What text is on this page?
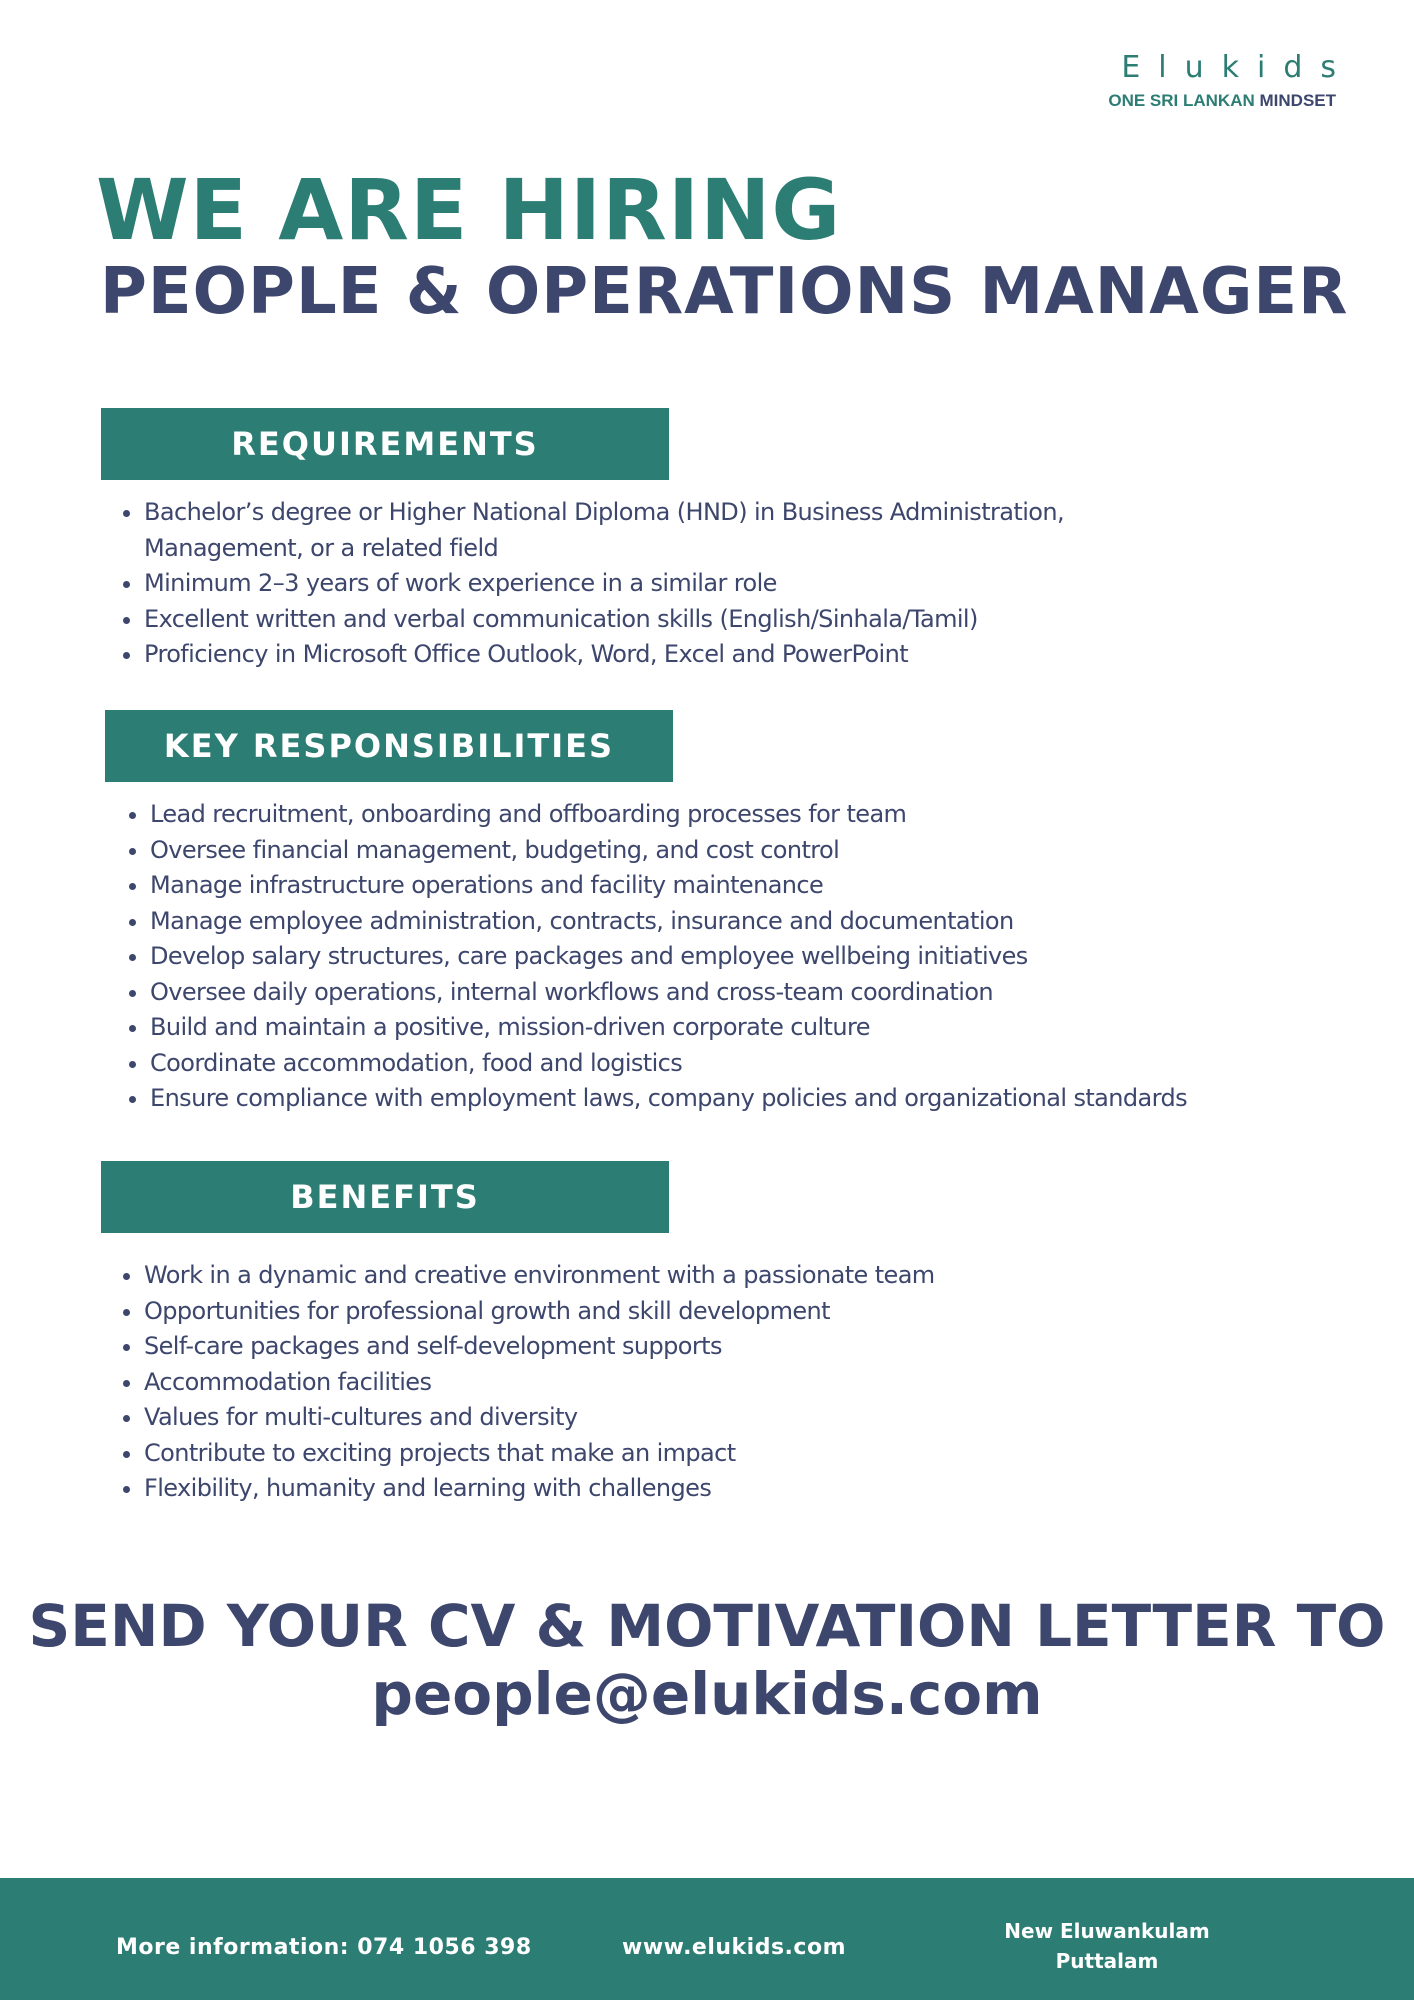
Elukids
ONE SRI LANKAN MINDSET
WE ARE HIRING
PEOPLE & OPERATIONS MANAGER
REQUIREMENTS
• Bachelor’s degree or Higher National Diploma (HND) in Business Administration, Management, or a related field
• Minimum 2–3 years of work experience in a similar role
• Excellent written and verbal communication skills (English/Sinhala/Tamil)
• Proficiency in Microsoft Office Outlook, Word, Excel and PowerPoint
KEY RESPONSIBILITIES
• Lead recruitment, onboarding and offboarding processes for team
• Oversee financial management, budgeting, and cost control
• Manage infrastructure operations and facility maintenance
• Manage employee administration, contracts, insurance and documentation
• Develop salary structures, care packages and employee wellbeing initiatives
• Oversee daily operations, internal workflows and cross-team coordination
• Build and maintain a positive, mission-driven corporate culture
• Coordinate accommodation, food and logistics
• Ensure compliance with employment laws, company policies and organizational standards
BENEFITS
• Work in a dynamic and creative environment with a passionate team
• Opportunities for professional growth and skill development
• Self-care packages and self-development supports
• Accommodation facilities
• Values for multi-cultures and diversity
• Contribute to exciting projects that make an impact
• Flexibility, humanity and learning with challenges
SEND YOUR CV & MOTIVATION LETTER TO
people@elukids.com
More information: 074 1056 398	www.elukids.com
New Eluwankulam
Puttalam
